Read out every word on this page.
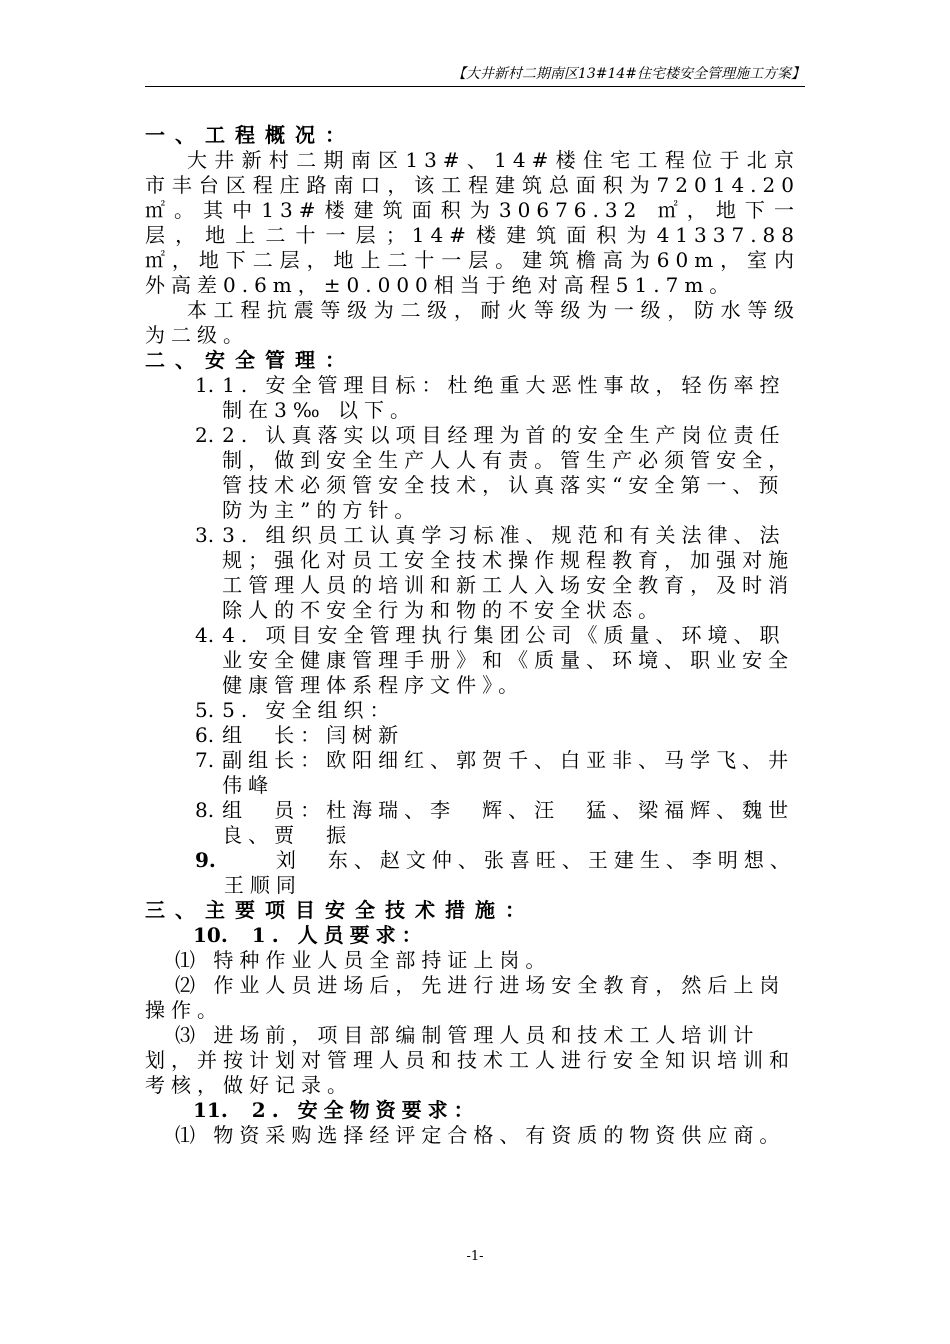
【大井新村二期南区13#14#住宅楼安全管理施工方案】
一、工程概况：
大井新村二期南区13#、14#楼住宅工程位于北京市丰台区程庄路南口，该工程建筑总面积为72014.20 ㎡。其中13#楼建筑面积为30676.32 ㎡，地下一层，地上二十一层；14#楼建筑面积为41337.88 ㎡，地下二层，地上二十一层。建筑檐高为60m，室内外高差0.6m，±0.000相当于绝对高程51.7m。
本工程抗震等级为二级，耐火等级为一级，防水等级为二级。
二、安全管理：
1. 1. 安全管理目标：杜绝重大恶性事故，轻伤率控制在3‰ 以下。
2. 2. 认真落实以项目经理为首的安全生产岗位责任制，做到安全生产人人有责。管生产必须管安全，管技术必须管安全技术，认真落实“安全第一、预防为主”的方针。
3. 3. 组织员工认真学习标准、规范和有关法律、法规；强化对员工安全技术操作规程教育，加强对施工管理人员的培训和新工人入场安全教育，及时消除人的不安全行为和物的不安全状态。
4. 4. 项目安全管理执行集团公司《质量、环境、职业安全健康管理手册》和《质量、环境、职业安全健康管理体系程序文件》。
5. 5. 安全组织：
6. 组　长：闫树新
7. 副组长：欧阳细红、郭贺千、白亚非、马学飞、井伟峰
8. 组　员：杜海瑞、李　辉、汪　猛、梁福辉、魏世良、贾　振
9. 　　刘　东、赵文仲、张喜旺、王建生、李明想、王顺同
三、主要项目安全技术措施：
10. 1. 人员要求：
⑴ 特种作业人员全部持证上岗。
⑵ 作业人员进场后，先进行进场安全教育，然后上岗操作。
⑶ 进场前，项目部编制管理人员和技术工人培训计划，并按计划对管理人员和技术工人进行安全知识培训和考核，做好记录。
11. 2. 安全物资要求：
⑴ 物资采购选择经评定合格、有资质的物资供应商。
-1-
